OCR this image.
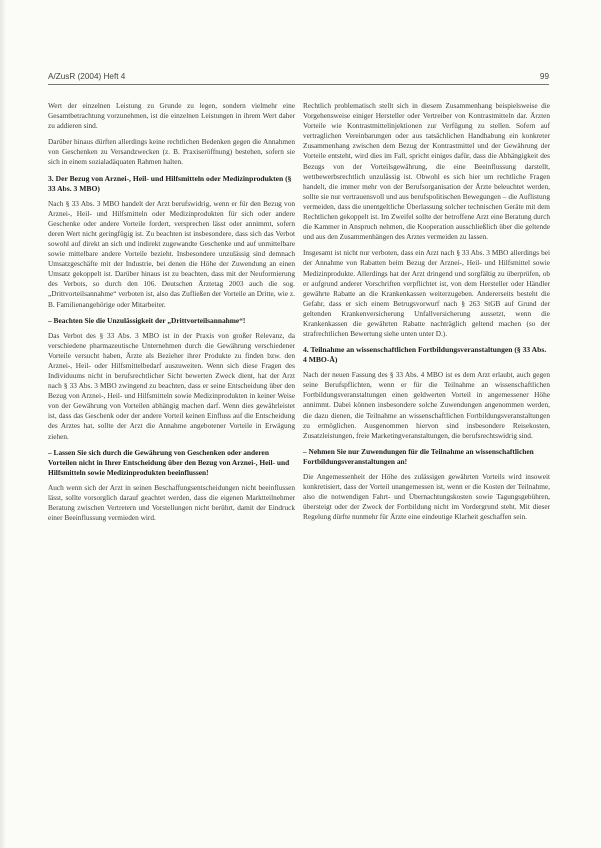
A/ZusR (2004) Heft 4	99

Wert der einzelnen Leistung zu Grunde zu legen, sondern vielmehr eine Gesamtbetrachtung vorzunehmen, ist die einzelnen Leistungen in ihrem Wert daher zu addieren sind.

Darüber hinaus dürften allerdings keine rechtlichen Bedenken gegen die Annahmen von Geschenken zu Versandzwecken (z. B. Praxiseröffnung) bestehen, sofern sie sich in einem sozialadäquaten Rahmen halten.

3. Der Bezug von Arznei-, Heil- und Hilfsmitteln oder Medizinprodukten (§ 33 Abs. 3 MBO)

Nach § 33 Abs. 3 MBO handelt der Arzt berufswidrig, wenn er für den Bezug von Arznei-, Heil- und Hilfsmitteln oder Medizinprodukten für sich oder andere Geschenke oder andere Vorteile fordert, versprechen lässt oder annimmt, sofern deren Wert nicht geringfügig ist. Zu beachten ist insbesondere, dass sich das Verbot sowohl auf direkt an sich und indirekt zugewandte Geschenke und auf unmittelbare sowie mittelbare andere Vorteile bezieht. Insbesondere unzulässig sind demnach Umsatzgeschäfte mit der Industrie, bei denen die Höhe der Zuwendung an einen Umsatz gekoppelt ist. Darüber hinaus ist zu beachten, dass mit der Neuformierung des Verbots, so durch den 106. Deutschen Ärztetag 2003 auch die sog. „Drittvorteilsannahme“ verboten ist, also das Zufließen der Vorteile an Dritte, wie z. B. Familienangehörige oder Mitarbeiter.

– Beachten Sie die Unzulässigkeit der „Drittvorteilsannahme“!

Das Verbot des § 33 Abs. 3 MBO ist in der Praxis von großer Relevanz, da verschiedene pharmazeutische Unternehmen durch die Gewährung verschiedener Vorteile versucht haben, Ärzte als Bezieher ihrer Produkte zu finden bzw. den Arznei-, Heil- oder Hilfsmittelbedarf auszuweiten. Wenn sich diese Fragen des Individuums nicht in berufsrechtlicher Sicht bewerten Zweck dient, hat der Arzt nach § 33 Abs. 3 MBO zwingend zu beachten, dass er seine Entscheidung über den Bezug von Arznei-, Heil- und Hilfsmitteln sowie Medizinprodukten in keiner Weise von der Gewährung von Vorteilen abhängig machen darf. Wenn dies gewährleistet ist, dass das Geschenk oder der andere Vorteil keinen Einfluss auf die Entscheidung des Arztes hat, sollte der Arzt die Annahme angebotener Vorteile in Erwägung ziehen.

– Lassen Sie sich durch die Gewährung von Geschenken oder anderen Vorteilen nicht in Ihrer Entscheidung über den Bezug von Arznei-, Heil- und Hilfsmitteln sowie Medizinprodukten beeinflussen!

Auch wenn sich der Arzt in seinen Beschaffungsentscheidungen nicht beeinflussen lässt, sollte vorsorglich darauf geachtet werden, dass die eigenen Marktteilnehmer Beratung zwischen Vertretern und Vorstellungen nicht berührt, damit der Eindruck einer Beeinflussung vermieden wird.

Rechtlich problematisch stellt sich in diesem Zusammenhang beispielsweise die Vorgehensweise einiger Hersteller oder Vertreiber von Kontrastmitteln dar. Ärzten Vorteile wie Kontrastmittelinjektionen zur Verfügung zu stellen. Sofern auf vertraglichen Vereinbarungen oder aus tatsächlichen Handhabung ein konkreter Zusammenhang zwischen dem Bezug der Kontrastmittel und der Gewährung der Vorteile entsteht, wird dies im Fall, spricht einiges dafür, dass die Abhängigkeit des Bezugs von der Vorteilsgewährung, die eine Beeinflussung darstellt, wettbewerbsrechtlich unzulässig ist. Obwohl es sich hier um rechtliche Fragen handelt, die immer mehr von der Berufsorganisation der Ärzte beleuchtet werden, sollte sie nur vertrauensvoll und aus berufspolitischen Bewegungen – die Auflistung vermeiden, dass die unentgeltliche Überlassung solcher technischen Geräte mit dem Rechtlichen gekoppelt ist. Im Zweifel sollte der betroffene Arzt eine Beratung durch die Kammer in Anspruch nehmen, die Kooperation ausschließlich über die geltende und aus den Zusammenhängen des Arztes vermeiden zu lassen.

Insgesamt ist nicht nur verboten, dass ein Arzt nach § 33 Abs. 3 MBO allerdings bei der Annahme von Rabatten beim Bezug der Arznei-, Heil- und Hilfsmittel sowie Medizinprodukte. Allerdings hat der Arzt dringend und sorgfältig zu überprüfen, ob er aufgrund anderer Vorschriften verpflichtet ist, von dem Hersteller oder Händler gewährte Rabatte an die Krankenkassen weiterzugeben. Andererseits besteht die Gefahr, dass er sich einem Betrugsvorwurf nach § 263 StGB auf Grund der geltenden Krankenversicherung Unfallversicherung aussetzt, wenn die Krankenkassen die gewährten Rabatte nachträglich geltend machen (so der strafrechtlichen Bewertung siehe unten unter D.).

4. Teilnahme an wissenschaftlichen Fortbildungsveranstaltungen (§ 33 Abs. 4 MBO-Ä)

Nach der neuen Fassung des § 33 Abs. 4 MBO ist es dem Arzt erlaubt, auch gegen seine Berufspflichten, wenn er für die Teilnahme an wissenschaftlichen Fortbildungsveranstaltungen einen geldwerten Vorteil in angemessener Höhe annimmt. Dabei können insbesondere solche Zuwendungen angenommen werden, die dazu dienen, die Teilnahme an wissenschaftlichen Fortbildungsveranstaltungen zu ermöglichen. Ausgenommen hiervon sind insbesondere Reisekosten, Zusatzleistungen, freie Marketingveranstaltungen, die berufsrechtswidrig sind.

– Nehmen Sie nur Zuwendungen für die Teilnahme an wissenschaftlichen Fortbildungsveranstaltungen an!

Die Angemessenheit der Höhe des zulässigen gewährten Vorteils wird insoweit konkretisiert, dass der Vorteil unangemessen ist, wenn er die Kosten der Teilnahme, also die notwendigen Fahrt- und Übernachtungskosten sowie Tagungsgebühren, übersteigt oder der Zweck der Fortbildung nicht im Vordergrund steht. Mit dieser Regelung dürfte nunmehr für Ärzte eine eindeutige Klarheit geschaffen sein.
